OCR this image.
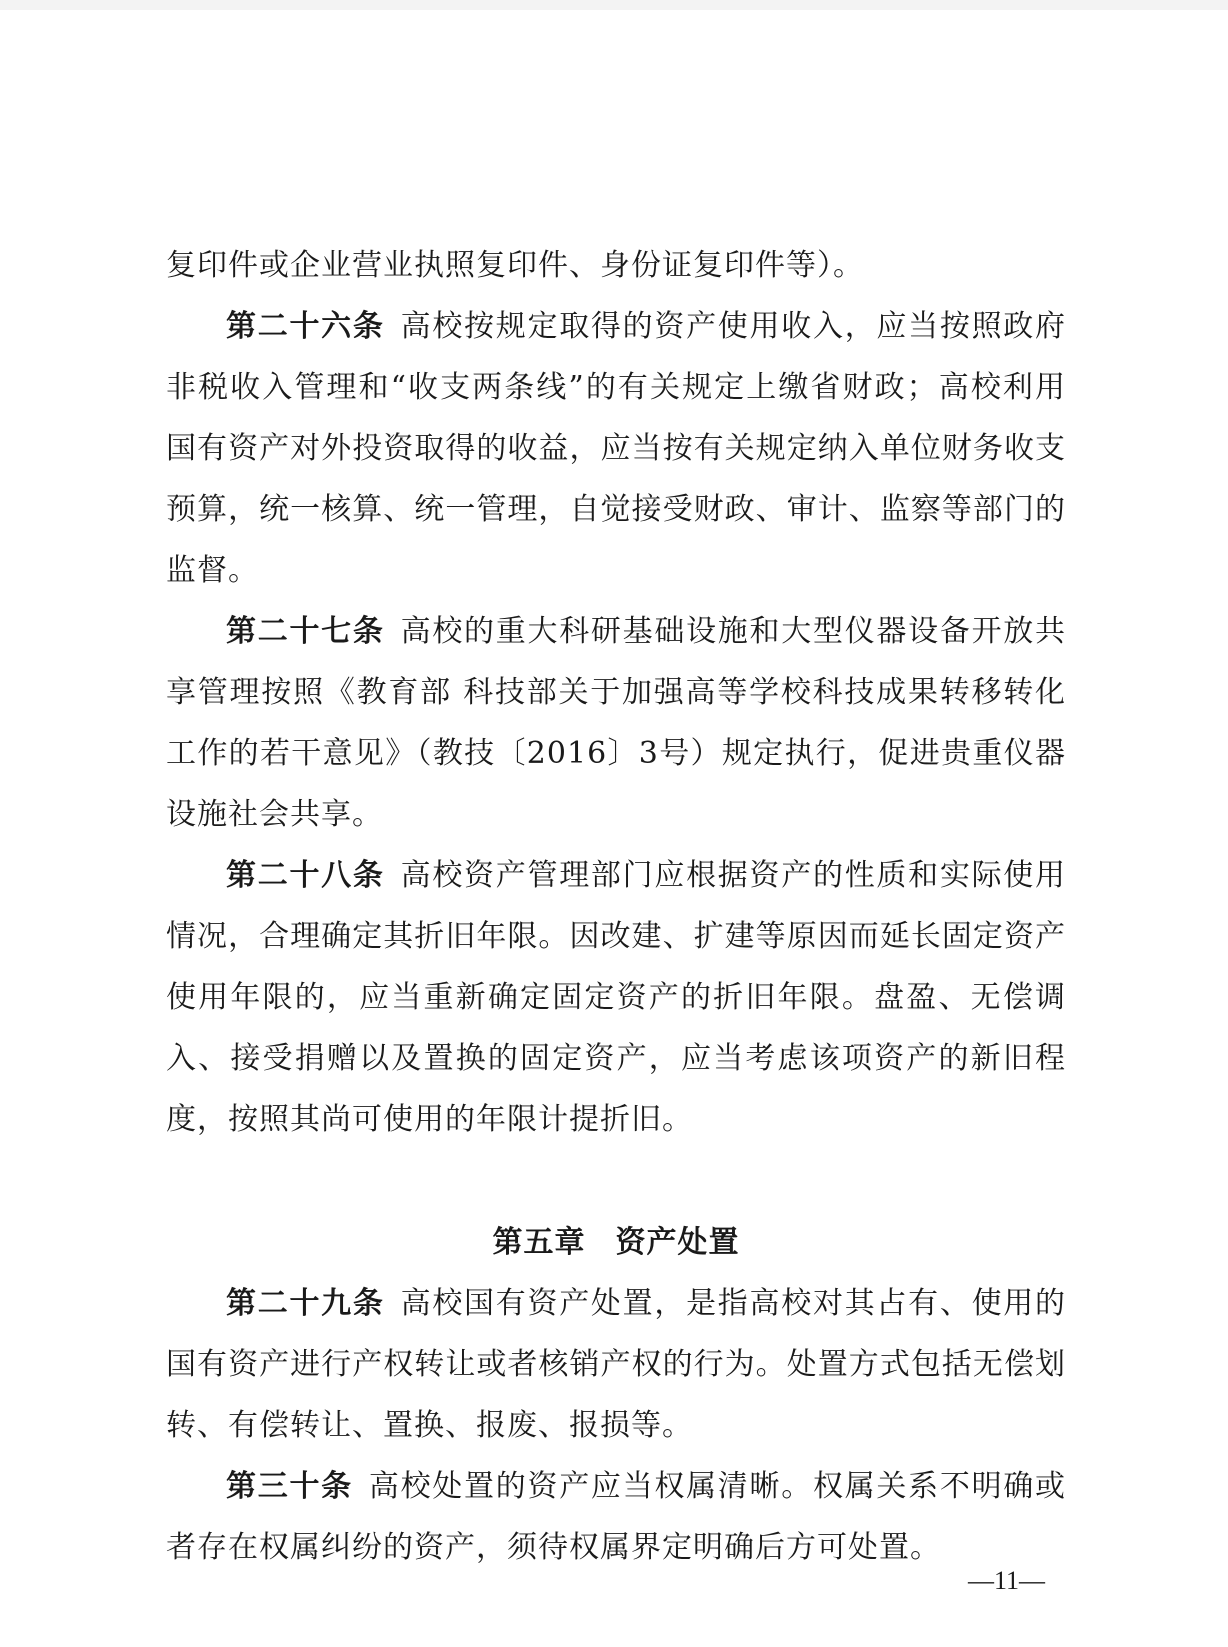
复印件或企业营业执照复印件、身份证复印件等）。

第二十六条 高校按规定取得的资产使用收入，应当按照政府非税收入管理和“收支两条线”的有关规定上缴省财政；高校利用国有资产对外投资取得的收益，应当按有关规定纳入单位财务收支预算，统一核算、统一管理，自觉接受财政、审计、监察等部门的监督。

第二十七条 高校的重大科研基础设施和大型仪器设备开放共享管理按照《教育部 科技部关于加强高等学校科技成果转移转化工作的若干意见》（教技〔2016〕3号）规定执行，促进贵重仪器设施社会共享。

第二十八条 高校资产管理部门应根据资产的性质和实际使用情况，合理确定其折旧年限。因改建、扩建等原因而延长固定资产使用年限的，应当重新确定固定资产的折旧年限。盘盈、无偿调入、接受捐赠以及置换的固定资产，应当考虑该项资产的新旧程度，按照其尚可使用的年限计提折旧。

第五章 资产处置

第二十九条 高校国有资产处置，是指高校对其占有、使用的国有资产进行产权转让或者核销产权的行为。处置方式包括无偿划转、有偿转让、置换、报废、报损等。

第三十条 高校处置的资产应当权属清晰。权属关系不明确或者存在权属纠纷的资产，须待权属界定明确后方可处置。

—11—
